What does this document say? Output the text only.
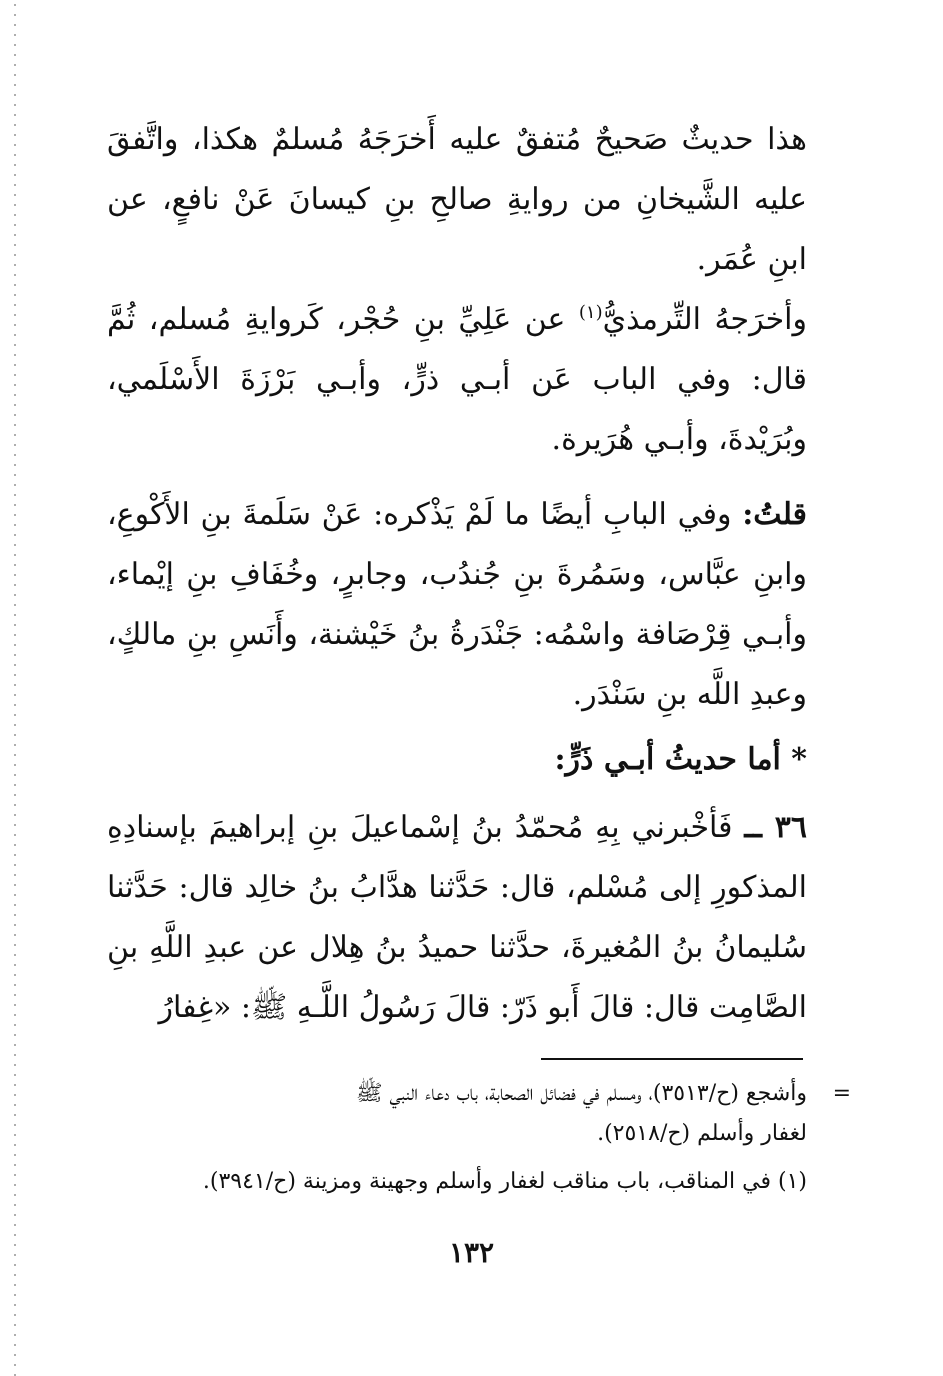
هذا حديثٌ صَحيحٌ مُتفقٌ عليه أَخرَجَهُ مُسلمٌ هكذا، واتَّفقَ عليه الشَّيخانِ من روايةِ صالحِ بنِ كيسانَ عَنْ نافعٍ، عن ابنِ عُمَر.

وأخرَجهُ التِّرمذيُّ$^{(١)}$ عن عَلِيِّ بنِ حُجْر، كَروايةِ مُسلم، ثُمَّ قال: وفي الباب عَن أبـي ذرٍّ، وأبـي بَرْزَةَ الأَسْلَمي، وبُرَيْدةَ، وأبـي هُرَيرة.

قلتُ: وفي البابِ أيضًا ما لَمْ يَذْكره: عَنْ سَلَمةَ بنِ الأَكْوعِ، وابنِ عبَّاس، وسَمُرةَ بنِ جُندُب، وجابرٍ، وخُفَافِ بنِ إيْماء، وأبـي قِرْصَافة واسْمُه: جَنْدَرةُ بنُ خَيْشنة، وأَنَسِ بنِ مالكٍ، وعبدِ اللَّه بنِ سَنْدَر.

* أما حديثُ أبـي ذَرٍّ:

٣٦ ــ فَأخْبرني بِهِ مُحمّدُ بنُ إسْماعيلَ بنِ إبراهيمَ بإسنادِهِ المذكورِ إلى مُسْلم، قال: حَدَّثنا هدَّابُ بنُ خالِد قال: حَدَّثنا سُليمانُ بنُ المُغيرةَ، حدَّثنا حميدُ بنُ هِلال عن عبدِ اللَّهِ بنِ الصَّامِت قال: قالَ أَبو ذَرّ: قالَ رَسُولُ اللَّـهِ ﷺ: «غِفارُ

=
وأشجع (ح/٣٥١٣)، ومسلم في فضائل الصحابة، باب دعاء النبي ﷺ
لغفار وأسلم (ح/٢٥١٨).

(١) في المناقب، باب مناقب لغفار وأسلم وجهينة ومزينة (ح/٣٩٤١).

١٣٢
